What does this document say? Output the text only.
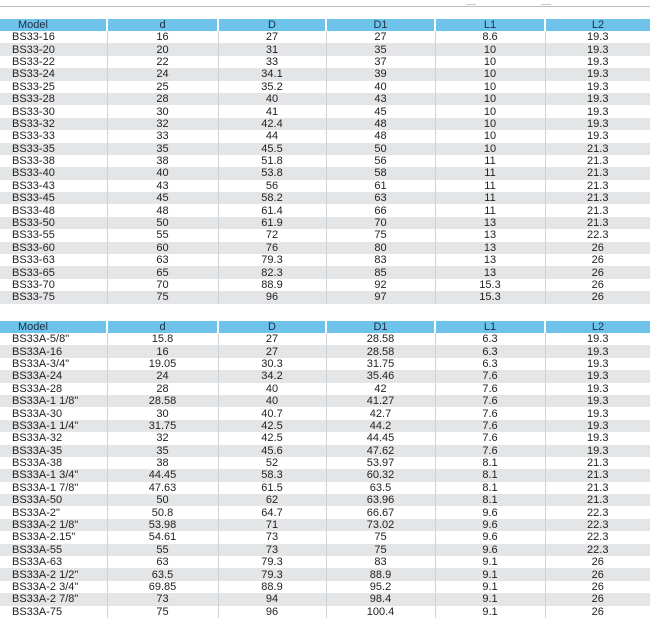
Model	d	D	D1	L1	L2
BS33-16	16	27	27	8.6	19.3
BS33-20	20	31	35	10	19.3
BS33-22	22	33	37	10	19.3
BS33-24	24	34.1	39	10	19.3
BS33-25	25	35.2	40	10	19.3
BS33-28	28	40	43	10	19.3
BS33-30	30	41	45	10	19.3
BS33-32	32	42.4	48	10	19.3
BS33-33	33	44	48	10	19.3
BS33-35	35	45.5	50	10	21.3
BS33-38	38	51.8	56	11	21.3
BS33-40	40	53.8	58	11	21.3
BS33-43	43	56	61	11	21.3
BS33-45	45	58.2	63	11	21.3
BS33-48	48	61.4	66	11	21.3
BS33-50	50	61.9	70	13	21.3
BS33-55	55	72	75	13	22.3
BS33-60	60	76	80	13	26
BS33-63	63	79.3	83	13	26
BS33-65	65	82.3	85	13	26
BS33-70	70	88.9	92	15.3	26
BS33-75	75	96	97	15.3	26
Model	d	D	D1	L1	L2
BS33A-5/8"	15.8	27	28.58	6.3	19.3
BS33A-16	16	27	28.58	6.3	19.3
BS33A-3/4"	19.05	30.3	31.75	6.3	19.3
BS33A-24	24	34.2	35.46	7.6	19.3
BS33A-28	28	40	42	7.6	19.3
BS33A-1 1/8"	28.58	40	41.27	7.6	19.3
BS33A-30	30	40.7	42.7	7.6	19.3
BS33A-1 1/4"	31.75	42.5	44.2	7.6	19.3
BS33A-32	32	42.5	44.45	7.6	19.3
BS33A-35	35	45.6	47.62	7.6	19.3
BS33A-38	38	52	53.97	8.1	21.3
BS33A-1 3/4"	44.45	58.3	60.32	8.1	21.3
BS33A-1 7/8"	47.63	61.5	63.5	8.1	21.3
BS33A-50	50	62	63.96	8.1	21.3
BS33A-2"	50.8	64.7	66.67	9.6	22.3
BS33A-2 1/8"	53.98	71	73.02	9.6	22.3
BS33A-2.15"	54.61	73	75	9.6	22.3
BS33A-55	55	73	75	9.6	22.3
BS33A-63	63	79.3	83	9.1	26
BS33A-2 1/2"	63.5	79.3	88.9	9.1	26
BS33A-2 3/4"	69.85	88.9	95.2	9.1	26
BS33A-2 7/8"	73	94	98.4	9.1	26
BS33A-75	75	96	100.4	9.1	26
